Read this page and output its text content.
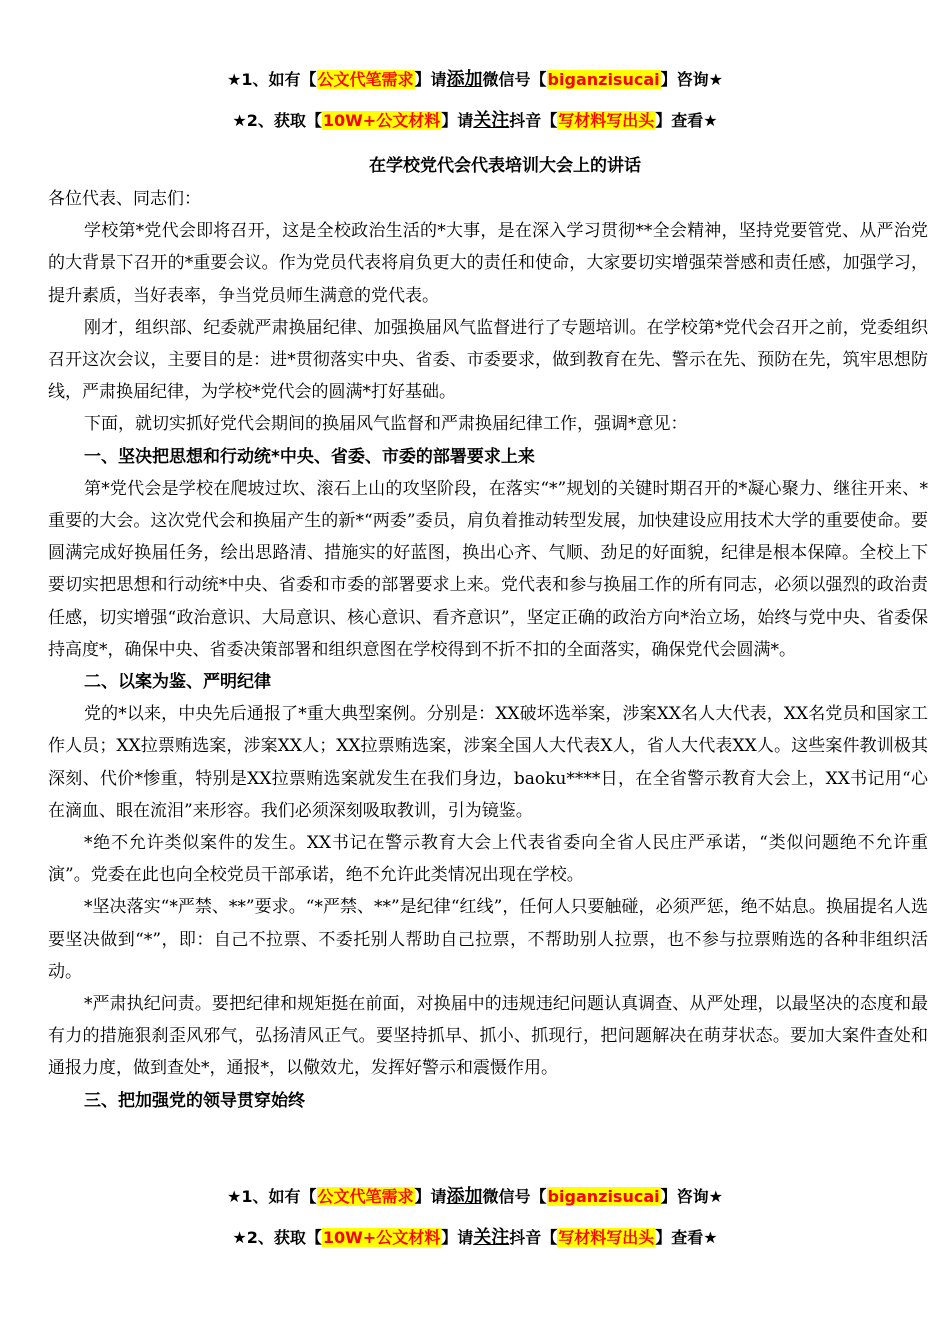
★1、如有【公文代笔需求】请添加微信号【biganzisucai】咨询★
★2、获取【10W+公文材料】请关注抖音【写材料写出头】查看★
在学校党代会代表培训大会上的讲话

各位代表、同志们：

学校第*党代会即将召开，这是全校政治生活的*大事，是在深入学习贯彻**全会精神，坚持党要管党、从严治党的大背景下召开的*重要会议。作为党员代表将肩负更大的责任和使命，大家要切实增强荣誉感和责任感，加强学习，提升素质，当好表率，争当党员师生满意的党代表。

刚才，组织部、纪委就严肃换届纪律、加强换届风气监督进行了专题培训。在学校第*党代会召开之前，党委组织召开这次会议，主要目的是：进*贯彻落实中央、省委、市委要求，做到教育在先、警示在先、预防在先，筑牢思想防线，严肃换届纪律，为学校*党代会的圆满*打好基础。

下面，就切实抓好党代会期间的换届风气监督和严肃换届纪律工作，强调*意见：

一、坚决把思想和行动统*中央、省委、市委的部署要求上来

第*党代会是学校在爬坡过坎、滚石上山的攻坚阶段，在落实“*”规划的关键时期召开的*凝心聚力、继往开来、*重要的大会。这次党代会和换届产生的新*“两委”委员，肩负着推动转型发展，加快建设应用技术大学的重要使命。要圆满完成好换届任务，绘出思路清、措施实的好蓝图，换出心齐、气顺、劲足的好面貌，纪律是根本保障。全校上下要切实把思想和行动统*中央、省委和市委的部署要求上来。党代表和参与换届工作的所有同志，必须以强烈的政治责任感，切实增强“政治意识、大局意识、核心意识、看齐意识”，坚定正确的政治方向*治立场，始终与党中央、省委保持高度*，确保中央、省委决策部署和组织意图在学校得到不折不扣的全面落实，确保党代会圆满*。

二、以案为鉴、严明纪律

党的*以来，中央先后通报了*重大典型案例。分别是：XX破坏选举案，涉案XX名人大代表，XX名党员和国家工作人员；XX拉票贿选案，涉案XX人；XX拉票贿选案，涉案全国人大代表X人，省人大代表XX人。这些案件教训极其深刻、代价*惨重，特别是XX拉票贿选案就发生在我们身边，baoku****日，在全省警示教育大会上，XX书记用“心在滴血、眼在流泪”来形容。我们必须深刻吸取教训，引为镜鉴。

*绝不允许类似案件的发生。XX书记在警示教育大会上代表省委向全省人民庄严承诺，“类似问题绝不允许重演”。党委在此也向全校党员干部承诺，绝不允许此类情况出现在学校。

*坚决落实“*严禁、**”要求。“*严禁、**”是纪律“红线”，任何人只要触碰，必须严惩，绝不姑息。换届提名人选要坚决做到“*”，即：自己不拉票、不委托别人帮助自己拉票，不帮助别人拉票，也不参与拉票贿选的各种非组织活动。

*严肃执纪问责。要把纪律和规矩挺在前面，对换届中的违规违纪问题认真调查、从严处理，以最坚决的态度和最有力的措施狠刹歪风邪气，弘扬清风正气。要坚持抓早、抓小、抓现行，把问题解决在萌芽状态。要加大案件查处和通报力度，做到查处*，通报*，以儆效尤，发挥好警示和震慑作用。

三、把加强党的领导贯穿始终

★1、如有【公文代笔需求】请添加微信号【biganzisucai】咨询★
★2、获取【10W+公文材料】请关注抖音【写材料写出头】查看★
